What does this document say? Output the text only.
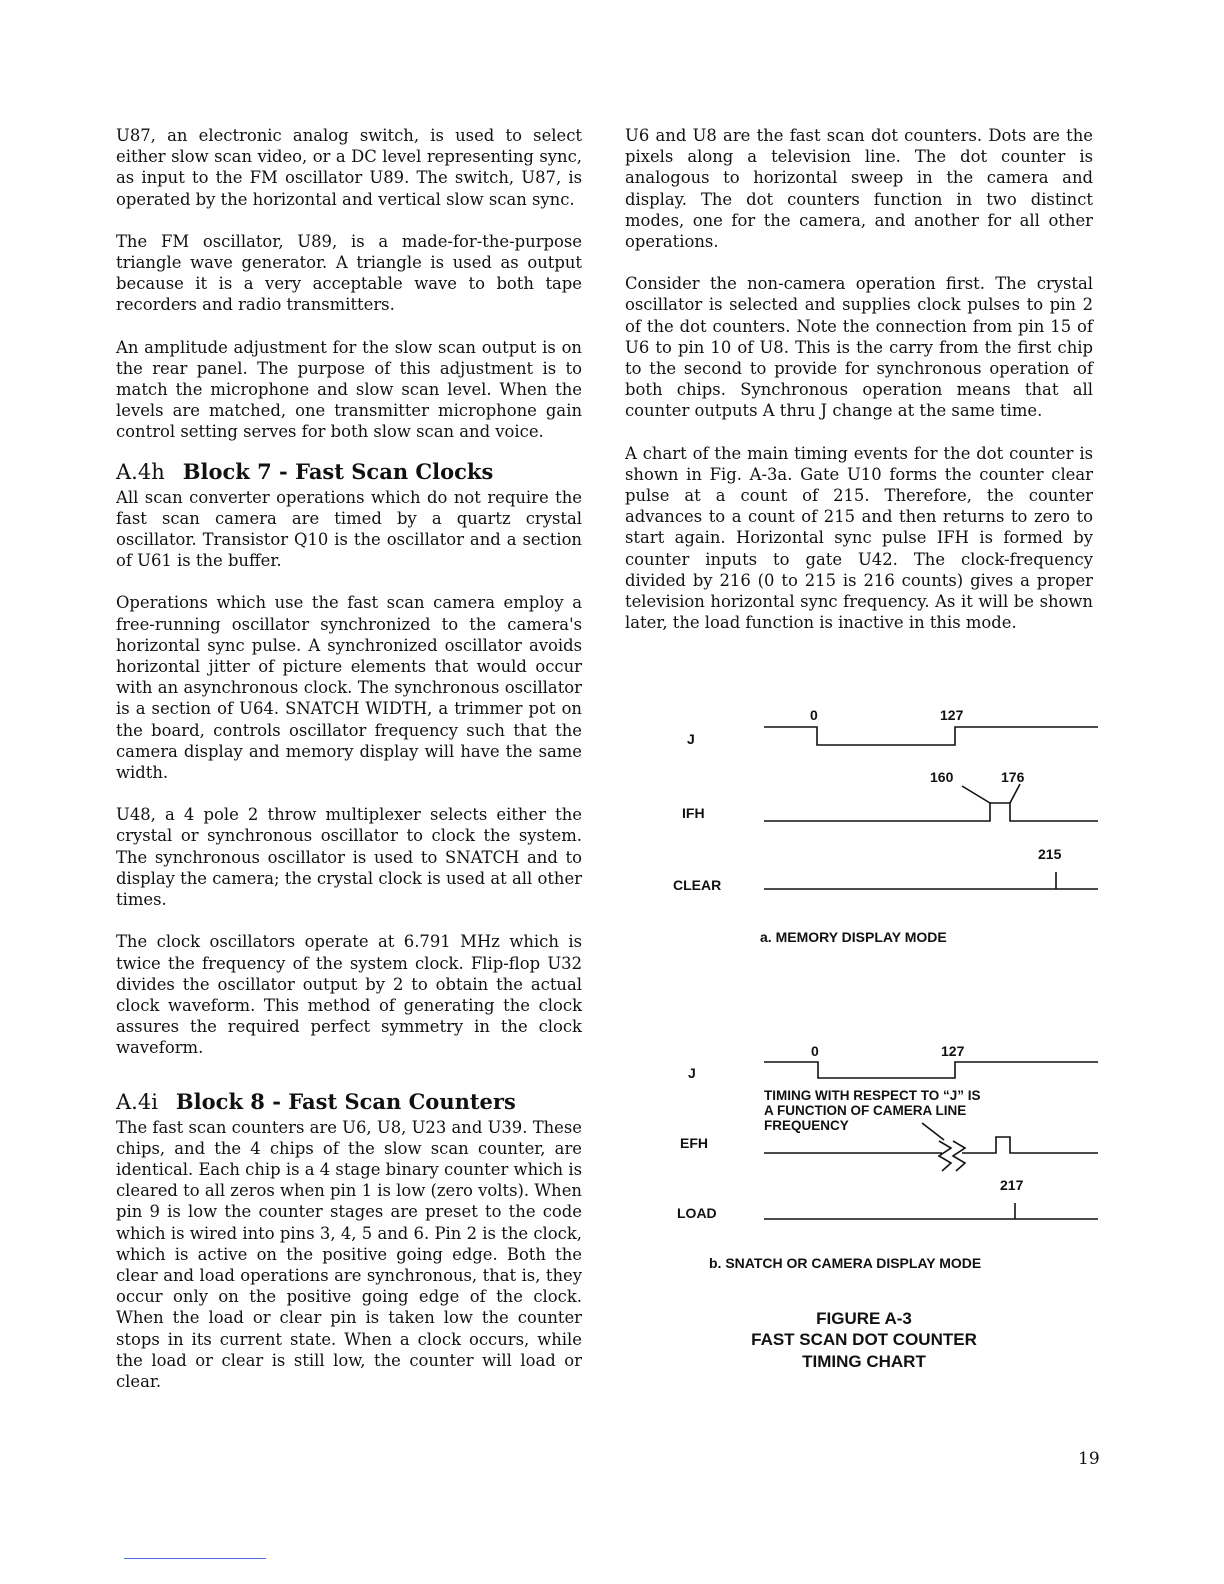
U87, an electronic analog switch, is used to select either slow scan video, or a DC level representing sync, as input to the FM oscillator U89. The switch, U87, is operated by the horizontal and vertical slow scan sync.

The FM oscillator, U89, is a made-for-the-purpose triangle wave generator. A triangle is used as output because it is a very acceptable wave to both tape recorders and radio transmitters.

An amplitude adjustment for the slow scan output is on the rear panel. The purpose of this adjustment is to match the microphone and slow scan level. When the levels are matched, one transmitter microphone gain control setting serves for both slow scan and voice.

A.4h Block 7 - Fast Scan Clocks

All scan converter operations which do not require the fast scan camera are timed by a quartz crystal oscillator. Transistor Q10 is the oscillator and a section of U61 is the buffer.

Operations which use the fast scan camera employ a free-running oscillator synchronized to the camera's horizontal sync pulse. A synchronized oscillator avoids horizontal jitter of picture elements that would occur with an asynchronous clock. The synchronous oscillator is a section of U64. SNATCH WIDTH, a trimmer pot on the board, controls oscillator frequency such that the camera display and memory display will have the same width.

U48, a 4 pole 2 throw multiplexer selects either the crystal or synchronous oscillator to clock the system. The synchronous oscillator is used to SNATCH and to display the camera; the crystal clock is used at all other times.

The clock oscillators operate at 6.791 MHz which is twice the frequency of the system clock. Flip-flop U32 divides the oscillator output by 2 to obtain the actual clock waveform. This method of generating the clock assures the required perfect symmetry in the clock waveform.

A.4i Block 8 - Fast Scan Counters

The fast scan counters are U6, U8, U23 and U39. These chips, and the 4 chips of the slow scan counter, are identical. Each chip is a 4 stage binary counter which is cleared to all zeros when pin 1 is low (zero volts). When pin 9 is low the counter stages are preset to the code which is wired into pins 3, 4, 5 and 6. Pin 2 is the clock, which is active on the positive going edge. Both the clear and load operations are synchronous, that is, they occur only on the positive going edge of the clock. When the load or clear pin is taken low the counter stops in its current state. When a clock occurs, while the load or clear is still low, the counter will load or clear.

U6 and U8 are the fast scan dot counters. Dots are the pixels along a television line. The dot counter is analogous to horizontal sweep in the camera and display. The dot counters function in two distinct modes, one for the camera, and another for all other operations.

Consider the non-camera operation first. The crystal oscillator is selected and supplies clock pulses to pin 2 of the dot counters. Note the connection from pin 15 of U6 to pin 10 of U8. This is the carry from the first chip to the second to provide for synchronous operation of both chips. Synchronous operation means that all counter outputs A thru J change at the same time.

A chart of the main timing events for the dot counter is shown in Fig. A-3a. Gate U10 forms the counter clear pulse at a count of 215. Therefore, the counter advances to a count of 215 and then returns to zero to start again. Horizontal sync pulse IFH is formed by counter inputs to gate U42. The clock-frequency divided by 216 (0 to 215 is 216 counts) gives a proper television horizontal sync frequency. As it will be shown later, the load function is inactive in this mode.

J
IFH
CLEAR
0	127
160	176
215
a. MEMORY DISPLAY MODE
J
EFH
LOAD
0	127
217
TIMING WITH RESPECT TO “J” IS
A FUNCTION OF CAMERA LINE
FREQUENCY
b. SNATCH OR CAMERA DISPLAY MODE
FIGURE A-3
FAST SCAN DOT COUNTER
TIMING CHART
19
